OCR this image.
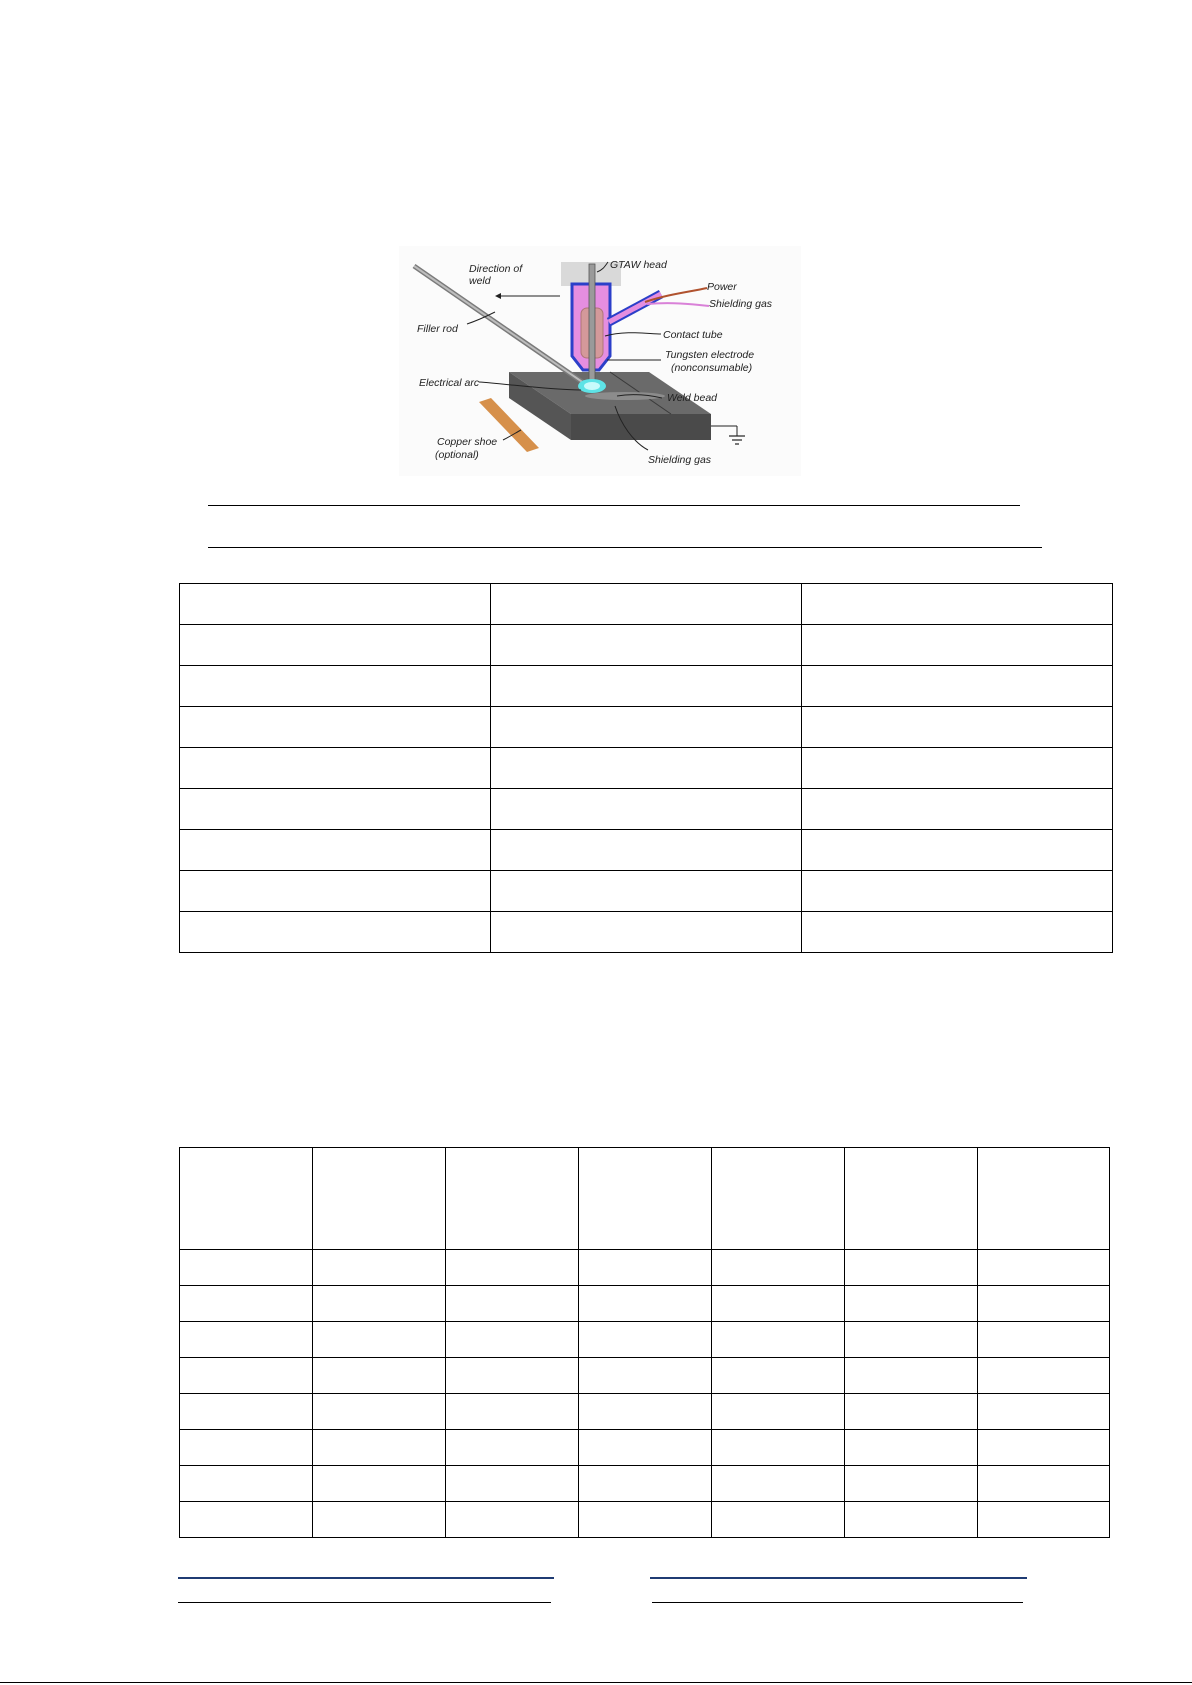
Direction of
weld
GTAW head
Power
Shielding gas
Filler rod	Contact tube
Tungsten electrode
(nonconsumable)
Electrical arc
Weld bead
Copper shoe
(optional)	Shielding gas
